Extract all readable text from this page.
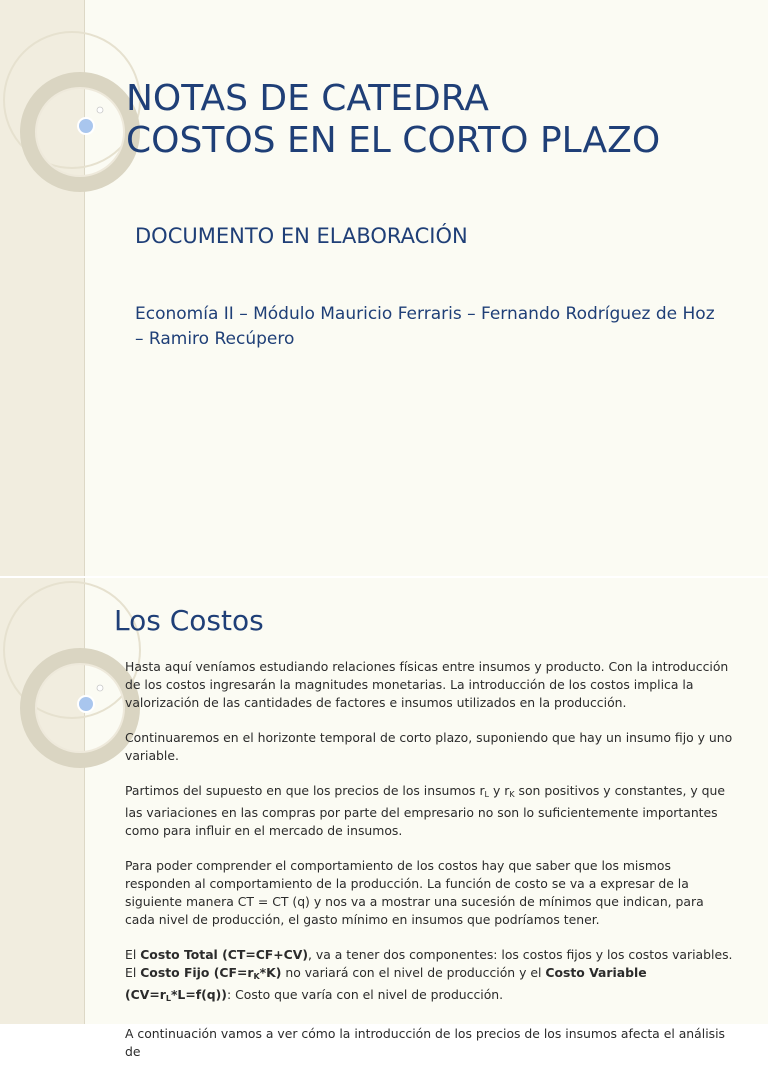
NOTAS DE CATEDRA
COSTOS EN EL CORTO PLAZO
DOCUMENTO EN ELABORACIÓN
Economía II – Módulo Mauricio Ferraris – Fernando Rodríguez de Hoz – Ramiro Recúpero
Los Costos

Hasta aquí veníamos estudiando relaciones físicas entre insumos y producto. Con la introducción de los costos ingresarán la magnitudes monetarias. La introducción de los costos implica la valorización de las cantidades de factores e insumos utilizados en la producción.

Continuaremos en el horizonte temporal de corto plazo, suponiendo que hay un insumo fijo y uno variable.

Partimos del supuesto en que los precios de los insumos $r_L$ y $r_K$ son positivos y constantes, y que las variaciones en las compras por parte del empresario no son lo suficientemente importantes como para influir en el mercado de insumos.

Para poder comprender el comportamiento de los costos hay que saber que los mismos responden al comportamiento de la producción. La función de costo se va a expresar de la siguiente manera CT = CT (q) y nos va a mostrar una sucesión de mínimos que indican, para cada nivel de producción, el gasto mínimo en insumos que podríamos tener.

El Costo Total (CT=CF+CV), va a tener dos componentes: los costos fijos y los costos variables. El Costo Fijo $(CF=r_K*K)$ no variará con el nivel de producción y el Costo Variable $(CV=r_L*L=f(q))$: Costo que varía con el nivel de producción.

A continuación vamos a ver cómo la introducción de los precios de los insumos afecta el análisis de
